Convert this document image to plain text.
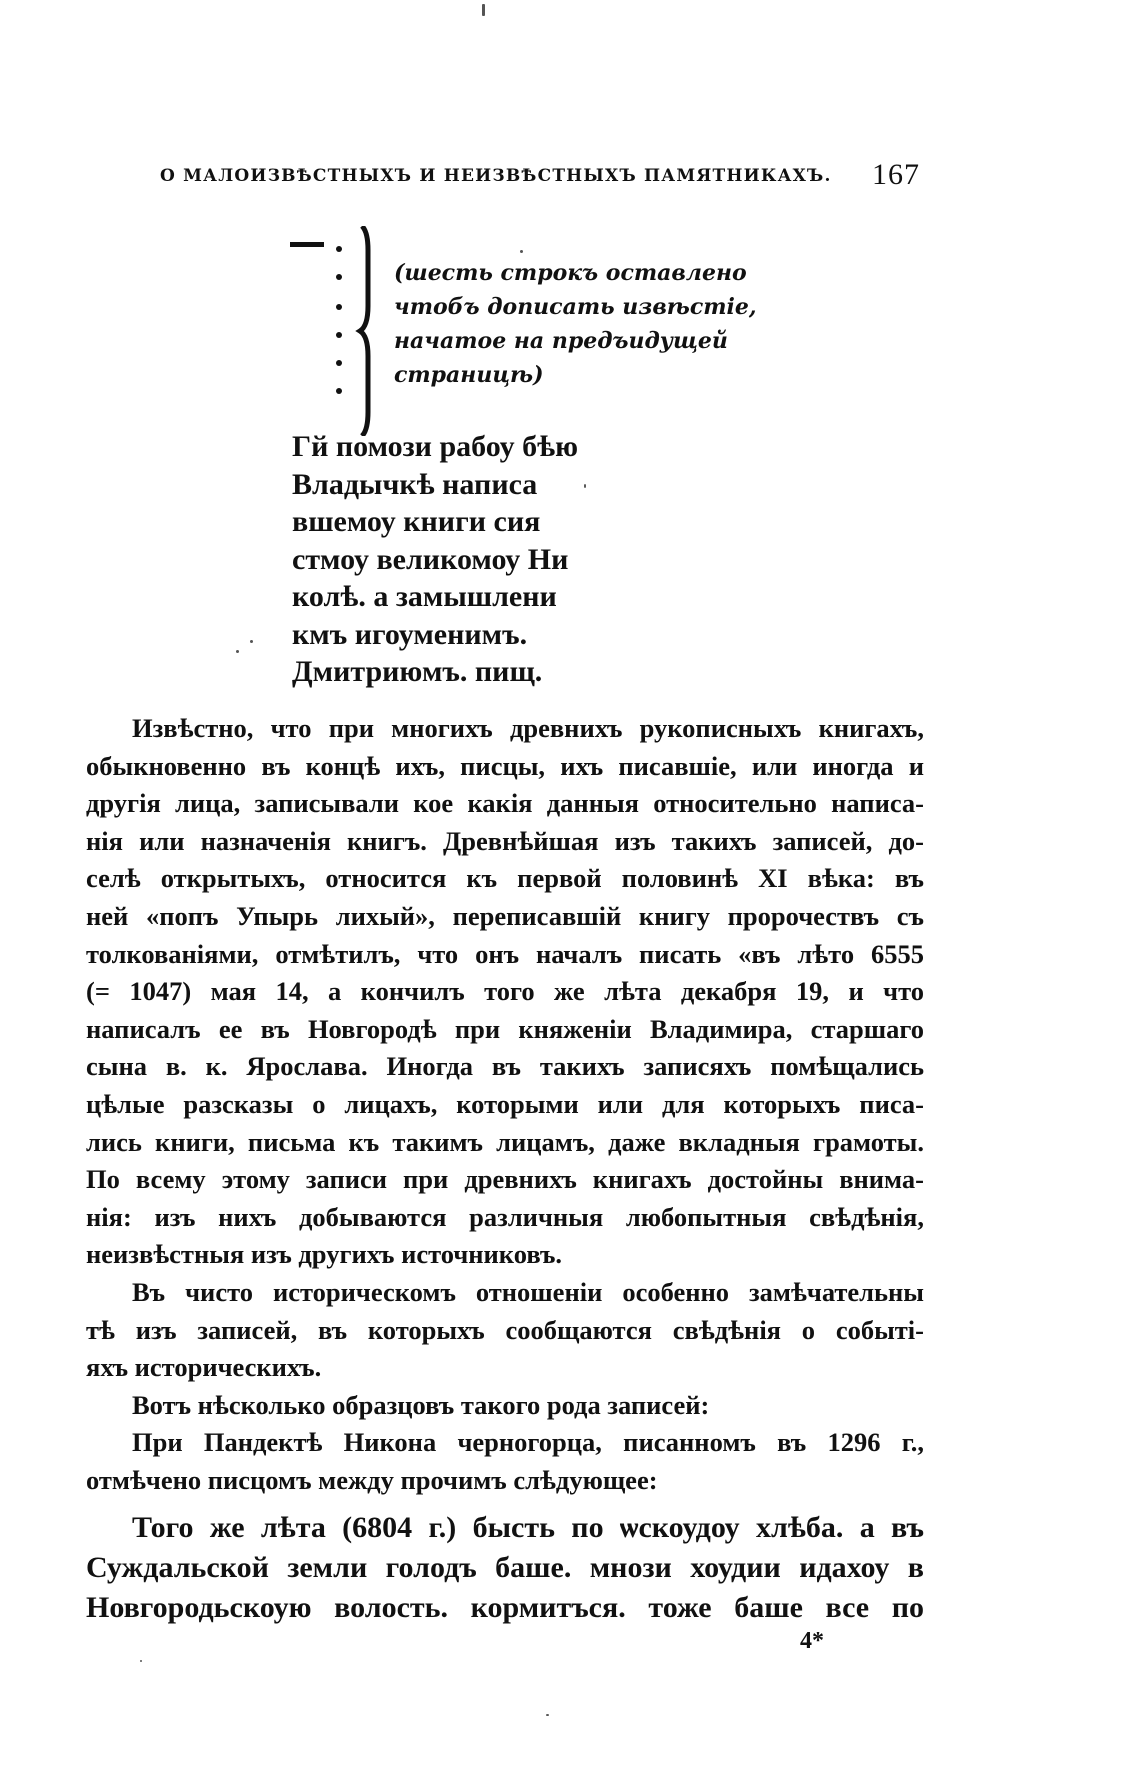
О МАЛОИЗВѢСТНЫХЪ И НЕИЗВѢСТНЫХЪ ПАМЯТНИКАХЪ. 167
(шесть строкъ оставлено
чтобъ дописать извѣстіе,
начатое на предъидущей
страницѣ)
Гй помози рабоу бѣю
Владычкѣ написа
вшемоу книги сия
стмоу великомоу Ни
колѣ. а замышлени
кмъ игоуменимъ.
Дмитриюмъ. пищ.
Извѣстно, что при многихъ древнихъ рукописныхъ книгахъ,
обыкновенно въ концѣ ихъ, писцы, ихъ писавшіе, или иногда и
другія лица, записывали кое какія данныя относительно написа-
нія или назначенія книгъ. Древнѣйшая изъ такихъ записей, до-
селѣ открытыхъ, относится къ первой половинѣ XI вѣка: въ
ней «попъ Упырь лихый», переписавшій книгу пророчествъ съ
толкованіями, отмѣтилъ, что онъ началъ писать «въ лѣто 6555
(= 1047) мая 14, а кончилъ того же лѣта декабря 19, и что
написалъ ее въ Новгородѣ при княженіи Владимира, старшаго
сына в. к. Ярослава. Иногда въ такихъ записяхъ помѣщались
цѣлые разсказы о лицахъ, которыми или для которыхъ писа-
лись книги, письма къ такимъ лицамъ, даже вкладныя грамоты.
По всему этому записи при древнихъ книгахъ достойны внима-
нія: изъ нихъ добываются различныя любопытныя свѣдѣнія,
неизвѣстныя изъ другихъ источниковъ.
Въ чисто историческомъ отношеніи особенно замѣчательны
тѣ изъ записей, въ которыхъ сообщаются свѣдѣнія о событі-
яхъ историческихъ.
Вотъ нѣсколько образцовъ такого рода записей:
При Пандектѣ Никона черногорца, писанномъ въ 1296 г.,
отмѣчено писцомъ между прочимъ слѣдующее:
Того же лѣта (6804 г.) бысть по ѡскоудоу хлѣба. а въ
Суждальской земли голодъ баше. мнози хоудии идахоу в
Новгородьскоую волость. кормитъся. тоже баше все по
4*
